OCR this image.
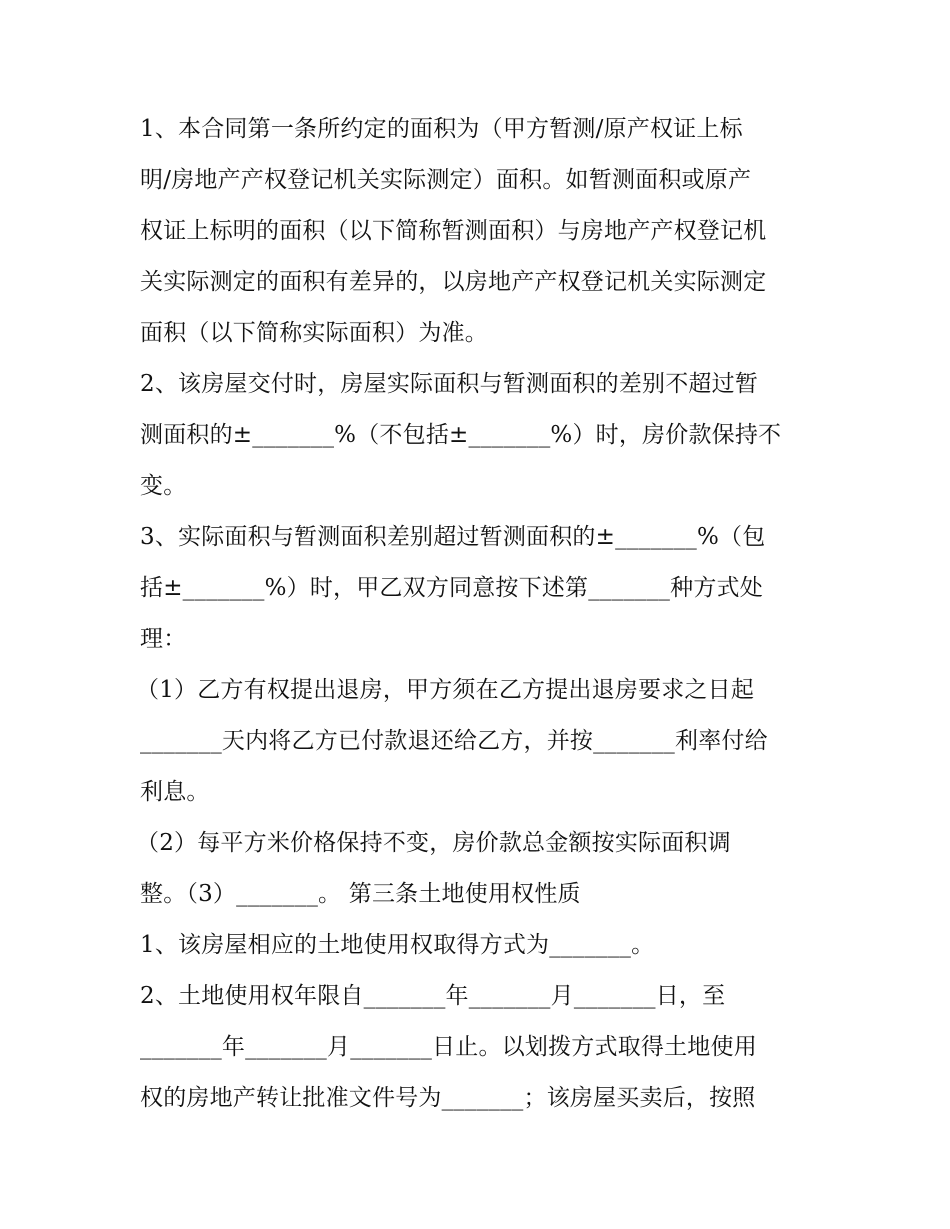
1、本合同第一条所约定的面积为（甲方暂测/原产权证上标
明/房地产产权登记机关实际测定）面积。如暂测面积或原产
权证上标明的面积（以下简称暂测面积）与房地产产权登记机
关实际测定的面积有差异的，以房地产产权登记机关实际测定
面积（以下简称实际面积）为准。
2、该房屋交付时，房屋实际面积与暂测面积的差别不超过暂
测面积的±_______%（不包括±_______%）时，房价款保持不
变。
3、实际面积与暂测面积差别超过暂测面积的±_______%（包
括±_______%）时，甲乙双方同意按下述第_______种方式处
理：
（1）乙方有权提出退房，甲方须在乙方提出退房要求之日起
_______天内将乙方已付款退还给乙方，并按_______利率付给
利息。
（2）每平方米价格保持不变，房价款总金额按实际面积调
整。（3）_______。 第三条土地使用权性质
1、该房屋相应的土地使用权取得方式为_______。
2、土地使用权年限自_______年_______月_______日，至
_______年_______月_______日止。以划拨方式取得土地使用
权的房地产转让批准文件号为_______；该房屋买卖后，按照
